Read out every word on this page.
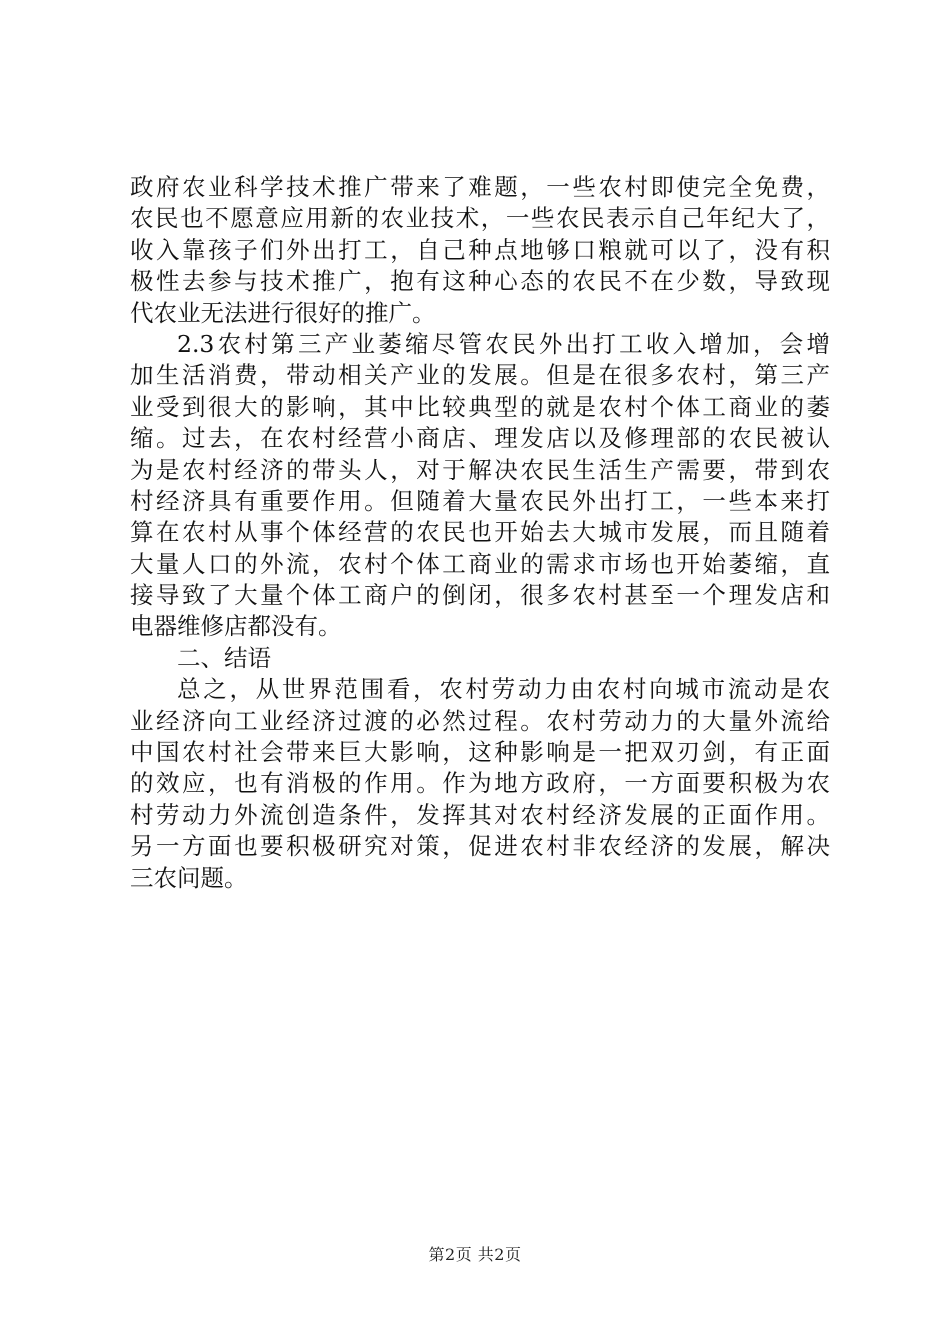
政府农业科学技术推广带来了难题，一些农村即使完全免费，
农民也不愿意应用新的农业技术，一些农民表示自己年纪大了，
收入靠孩子们外出打工，自己种点地够口粮就可以了，没有积
极性去参与技术推广，抱有这种心态的农民不在少数，导致现
代农业无法进行很好的推广。
2.3农村第三产业萎缩尽管农民外出打工收入增加，会增
加生活消费，带动相关产业的发展。但是在很多农村，第三产
业受到很大的影响，其中比较典型的就是农村个体工商业的萎
缩。过去，在农村经营小商店、理发店以及修理部的农民被认
为是农村经济的带头人，对于解决农民生活生产需要，带到农
村经济具有重要作用。但随着大量农民外出打工，一些本来打
算在农村从事个体经营的农民也开始去大城市发展，而且随着
大量人口的外流，农村个体工商业的需求市场也开始萎缩，直
接导致了大量个体工商户的倒闭，很多农村甚至一个理发店和
电器维修店都没有。
二、结语
总之，从世界范围看，农村劳动力由农村向城市流动是农
业经济向工业经济过渡的必然过程。农村劳动力的大量外流给
中国农村社会带来巨大影响，这种影响是一把双刃剑，有正面
的效应，也有消极的作用。作为地方政府，一方面要积极为农
村劳动力外流创造条件，发挥其对农村经济发展的正面作用。
另一方面也要积极研究对策，促进农村非农经济的发展，解决
三农问题。
第2页 共2页
